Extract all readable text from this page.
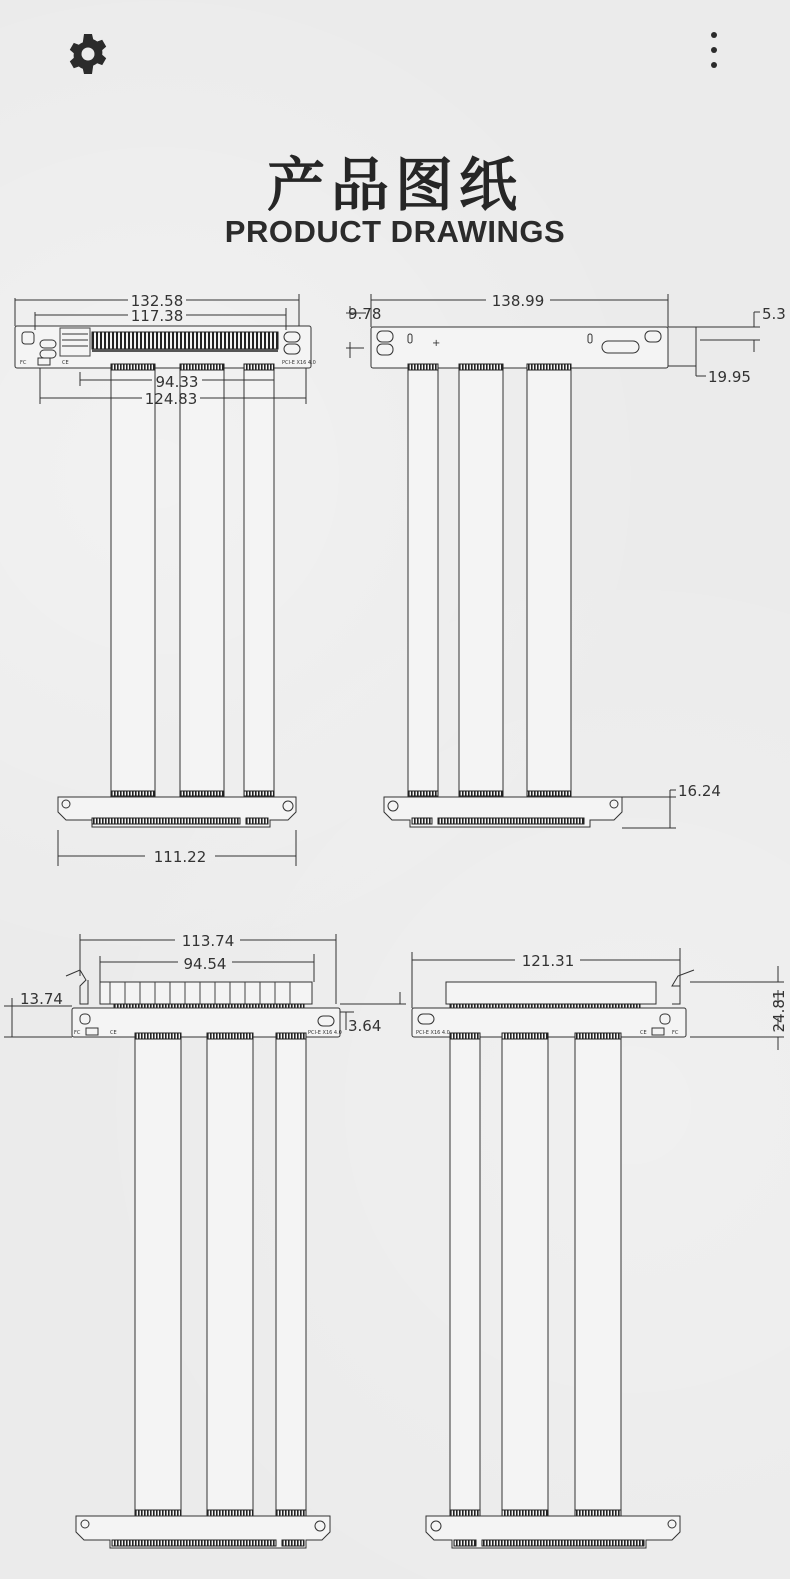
产品图纸
PRODUCT DRAWINGS
FC	CE	PCI-E X16 4.0
+
FC	CE	PCI-E X16 4.0	PCI-E X16 4.0	CE	FC
132.58
117.38
94.33
124.83
111.22
138.99
9.78	5.3
19.95
16.24
113.74
94.54
13.74
3.64
121.31
24.81
